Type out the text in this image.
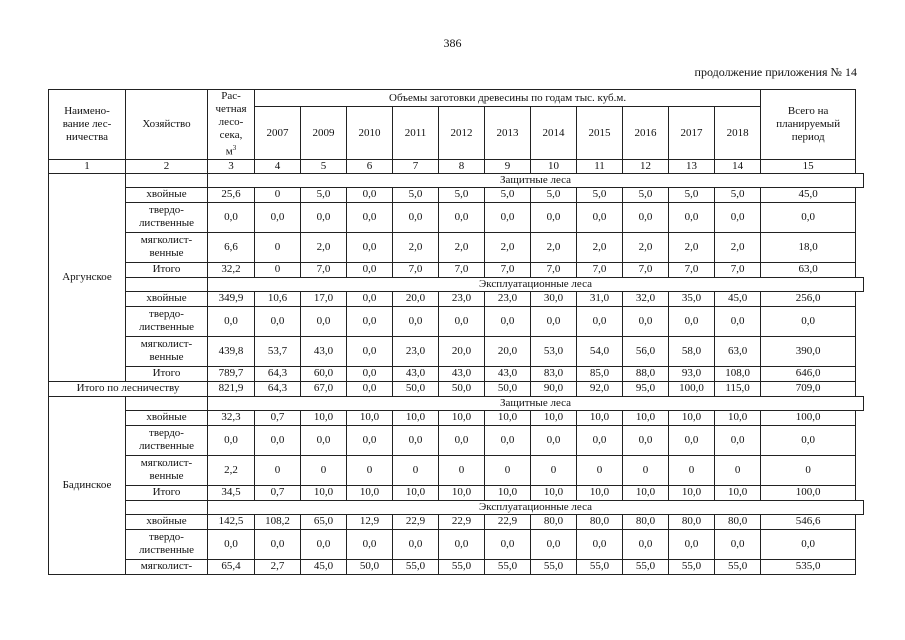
386
продолжение приложения № 14
Наимено-
вание лес-
ничества	Хозяйство	Рас-
четная
лесо-
сека,
$м^3$	Объемы заготовки древесины по годам тыс. куб.м.											Всего на
планируемый
период
			2007	2009	2010	2011	2012	2013	2014	2015	2016	2017	2018	
1	2	3	4	5	6	7	8	9	10	11	12	13	14	15
Аргунское		Защитные леса												
	хвойные	25,6	0	5,0	0,0	5,0	5,0	5,0	5,0	5,0	5,0	5,0	5,0	45,0
	твердо-
лиственные	0,0	0,0	0,0	0,0	0,0	0,0	0,0	0,0	0,0	0,0	0,0	0,0	0,0
	мягколист-
венные	6,6	0	2,0	0,0	2,0	2,0	2,0	2,0	2,0	2,0	2,0	2,0	18,0
	Итого	32,2	0	7,0	0,0	7,0	7,0	7,0	7,0	7,0	7,0	7,0	7,0	63,0
		Эксплуатационные леса												
	хвойные	349,9	10,6	17,0	0,0	20,0	23,0	23,0	30,0	31,0	32,0	35,0	45,0	256,0
	твердо-
лиственные	0,0	0,0	0,0	0,0	0,0	0,0	0,0	0,0	0,0	0,0	0,0	0,0	0,0
	мягколист-
венные	439,8	53,7	43,0	0,0	23,0	20,0	20,0	53,0	54,0	56,0	58,0	63,0	390,0
	Итого	789,7	64,3	60,0	0,0	43,0	43,0	43,0	83,0	85,0	88,0	93,0	108,0	646,0
Итого по лесничеству		821,9	64,3	67,0	0,0	50,0	50,0	50,0	90,0	92,0	95,0	100,0	115,0	709,0
Бадинское		Защитные леса												
	хвойные	32,3	0,7	10,0	10,0	10,0	10,0	10,0	10,0	10,0	10,0	10,0	10,0	100,0
	твердо-
лиственные	0,0	0,0	0,0	0,0	0,0	0,0	0,0	0,0	0,0	0,0	0,0	0,0	0,0
	мягколист-
венные	2,2	0	0	0	0	0	0	0	0	0	0	0	0
	Итого	34,5	0,7	10,0	10,0	10,0	10,0	10,0	10,0	10,0	10,0	10,0	10,0	100,0
		Эксплуатационные леса												
	хвойные	142,5	108,2	65,0	12,9	22,9	22,9	22,9	80,0	80,0	80,0	80,0	80,0	546,6
	твердо-
лиственные	0,0	0,0	0,0	0,0	0,0	0,0	0,0	0,0	0,0	0,0	0,0	0,0	0,0
	мягколист-	65,4	2,7	45,0	50,0	55,0	55,0	55,0	55,0	55,0	55,0	55,0	55,0	535,0
